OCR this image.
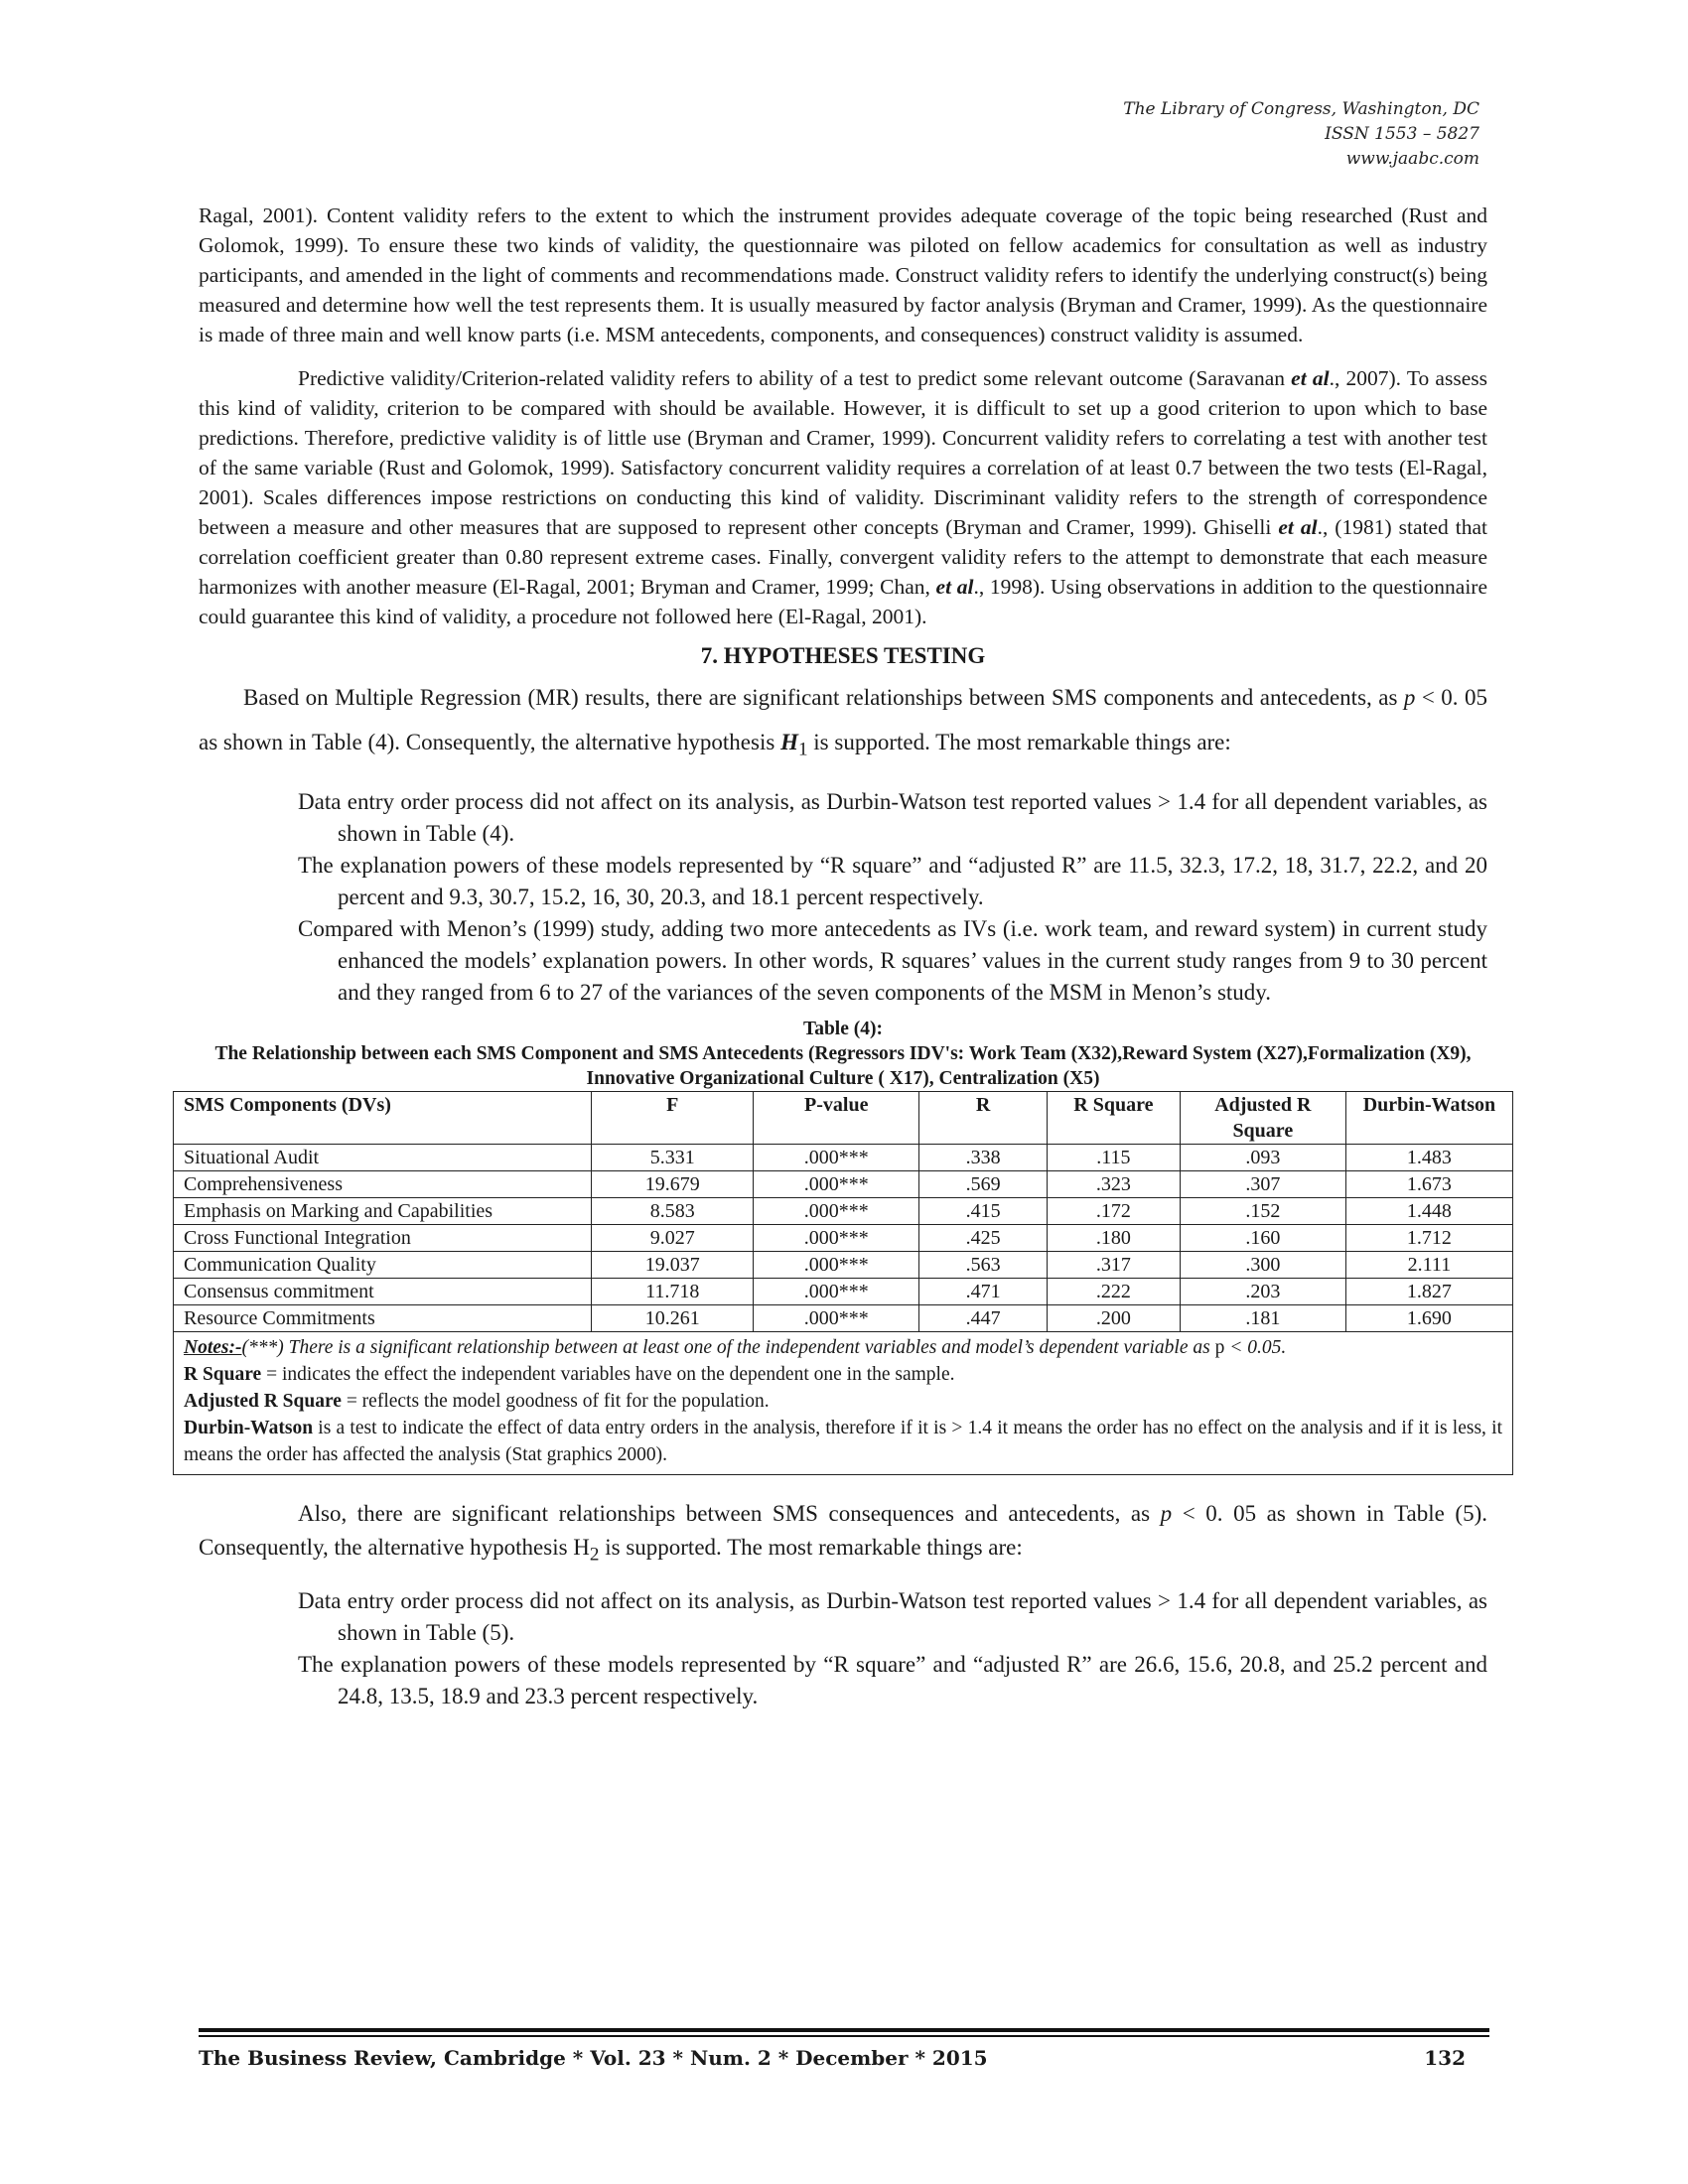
The Library of Congress, Washington, DC
ISSN 1553 – 5827
www.jaabc.com

Ragal, 2001). Content validity refers to the extent to which the instrument provides adequate coverage of the topic being researched (Rust and Golomok, 1999). To ensure these two kinds of validity, the questionnaire was piloted on fellow academics for consultation as well as industry participants, and amended in the light of comments and recommendations made. Construct validity refers to identify the underlying construct(s) being measured and determine how well the test represents them. It is usually measured by factor analysis (Bryman and Cramer, 1999). As the questionnaire is made of three main and well know parts (i.e. MSM antecedents, components, and consequences) construct validity is assumed.

Predictive validity/Criterion-related validity refers to ability of a test to predict some relevant outcome (Saravanan et al., 2007). To assess this kind of validity, criterion to be compared with should be available. However, it is difficult to set up a good criterion to upon which to base predictions. Therefore, predictive validity is of little use (Bryman and Cramer, 1999). Concurrent validity refers to correlating a test with another test of the same variable (Rust and Golomok, 1999). Satisfactory concurrent validity requires a correlation of at least 0.7 between the two tests (El-Ragal, 2001). Scales differences impose restrictions on conducting this kind of validity. Discriminant validity refers to the strength of correspondence between a measure and other measures that are supposed to represent other concepts (Bryman and Cramer, 1999). Ghiselli et al., (1981) stated that correlation coefficient greater than 0.80 represent extreme cases. Finally, convergent validity refers to the attempt to demonstrate that each measure harmonizes with another measure (El-Ragal, 2001; Bryman and Cramer, 1999; Chan, et al., 1998). Using observations in addition to the questionnaire could guarantee this kind of validity, a procedure not followed here (El-Ragal, 2001).

7. HYPOTHESES TESTING

Based on Multiple Regression (MR) results, there are significant relationships between SMS components and antecedents, as p < 0. 05 as shown in Table (4). Consequently, the alternative hypothesis $H_1$ is supported. The most remarkable things are:

Data entry order process did not affect on its analysis, as Durbin-Watson test reported values > 1.4 for all dependent variables, as shown in Table (4).
The explanation powers of these models represented by “R square” and “adjusted R” are 11.5, 32.3, 17.2, 18, 31.7, 22.2, and 20 percent and 9.3, 30.7, 15.2, 16, 30, 20.3, and 18.1 percent respectively.
Compared with Menon’s (1999) study, adding two more antecedents as IVs (i.e. work team, and reward system) in current study enhanced the models’ explanation powers. In other words, R squares’ values in the current study ranges from 9 to 30 percent and they ranged from 6 to 27 of the variances of the seven components of the MSM in Menon’s study.
Table (4):
The Relationship between each SMS Component and SMS Antecedents (Regressors IDV's: Work Team (X32),Reward System (X27),Formalization (X9), Innovative Organizational Culture ( X17), Centralization (X5)
SMS Components (DVs)	F	P-value	R	R Square	Adjusted R Square	Durbin-Watson
Situational Audit	5.331	.000***	.338	.115	.093	1.483
Comprehensiveness	19.679	.000***	.569	.323	.307	1.673
Emphasis on Marking and Capabilities	8.583	.000***	.415	.172	.152	1.448
Cross Functional Integration	9.027	.000***	.425	.180	.160	1.712
Communication Quality	19.037	.000***	.563	.317	.300	2.111
Consensus commitment	11.718	.000***	.471	.222	.203	1.827
Resource Commitments	10.261	.000***	.447	.200	.181	1.690

Notes:-(***) There is a significant relationship between at least one of the independent variables and model’s dependent variable as p < 0.05.
R Square = indicates the effect the independent variables have on the dependent one in the sample.
Adjusted R Square = reflects the model goodness of fit for the population.
Durbin-Watson is a test to indicate the effect of data entry orders in the analysis, therefore if it is > 1.4 it means the order has no effect on the analysis and if it is less, it means the order has affected the analysis (Stat graphics 2000).						

Also, there are significant relationships between SMS consequences and antecedents, as p < 0. 05 as shown in Table (5). Consequently, the alternative hypothesis $H_2$ is supported. The most remarkable things are:

Data entry order process did not affect on its analysis, as Durbin-Watson test reported values > 1.4 for all dependent variables, as shown in Table (5).
The explanation powers of these models represented by “R square” and “adjusted R” are 26.6, 15.6, 20.8, and 25.2 percent and 24.8, 13.5, 18.9 and 23.3 percent respectively.
The Business Review, Cambridge * Vol. 23 * Num. 2 * December * 2015	132
